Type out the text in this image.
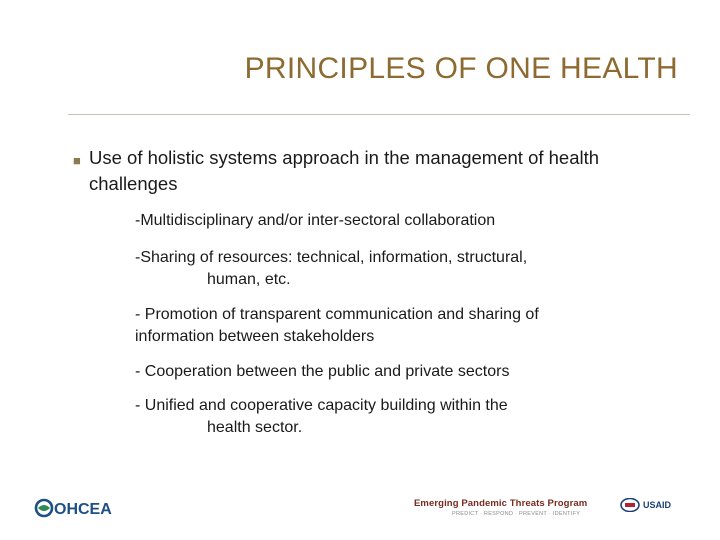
PRINCIPLES OF ONE HEALTH
■ Use of holistic systems approach in the management of health challenges
-Multidisciplinary and/or inter-sectoral collaboration
-Sharing of resources: technical, information, structural,
human, etc.
- Promotion of transparent communication and sharing of
information between stakeholders
- Cooperation between the public and private sectors
- Unified and cooperative capacity building within the
health sector.
OHCEA	Emerging Pandemic Threats Program
PREDICT · RESPOND · PREVENT · IDENTIFY
USAID
